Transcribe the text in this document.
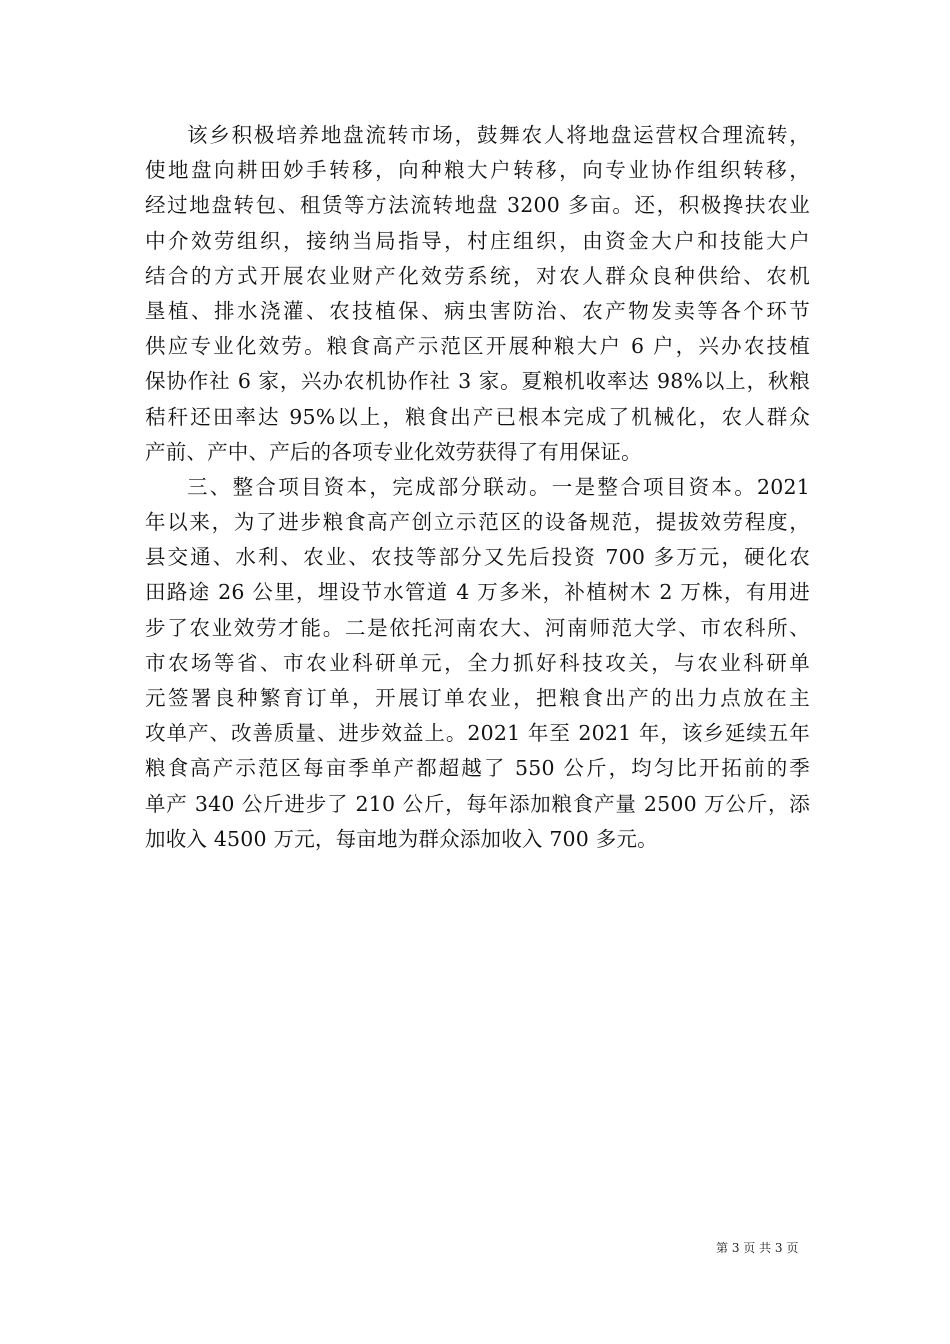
该乡积极培养地盘流转市场，鼓舞农人将地盘运营权合理流转，
使地盘向耕田妙手转移，向种粮大户转移，向专业协作组织转移，
经过地盘转包、租赁等方法流转地盘 3200 多亩。还，积极搀扶农业
中介效劳组织，接纳当局指导，村庄组织，由资金大户和技能大户
结合的方式开展农业财产化效劳系统，对农人群众良种供给、农机
垦植、排水浇灌、农技植保、病虫害防治、农产物发卖等各个环节
供应专业化效劳。粮食高产示范区开展种粮大户 6 户，兴办农技植
保协作社 6 家，兴办农机协作社 3 家。夏粮机收率达 98%以上，秋粮
秸秆还田率达 95%以上，粮食出产已根本完成了机械化，农人群众
产前、产中、产后的各项专业化效劳获得了有用保证。
三、整合项目资本，完成部分联动。一是整合项目资本。2021
年以来，为了进步粮食高产创立示范区的设备规范，提拔效劳程度，
县交通、水利、农业、农技等部分又先后投资 700 多万元，硬化农
田路途 26 公里，埋设节水管道 4 万多米，补植树木 2 万株，有用进
步了农业效劳才能。二是依托河南农大、河南师范大学、市农科所、
市农场等省、市农业科研单元，全力抓好科技攻关，与农业科研单
元签署良种繁育订单，开展订单农业，把粮食出产的出力点放在主
攻单产、改善质量、进步效益上。2021 年至 2021 年，该乡延续五年
粮食高产示范区每亩季单产都超越了 550 公斤，均匀比开拓前的季
单产 340 公斤进步了 210 公斤，每年添加粮食产量 2500 万公斤，添
加收入 4500 万元，每亩地为群众添加收入 700 多元。
第 3 页 共 3 页
